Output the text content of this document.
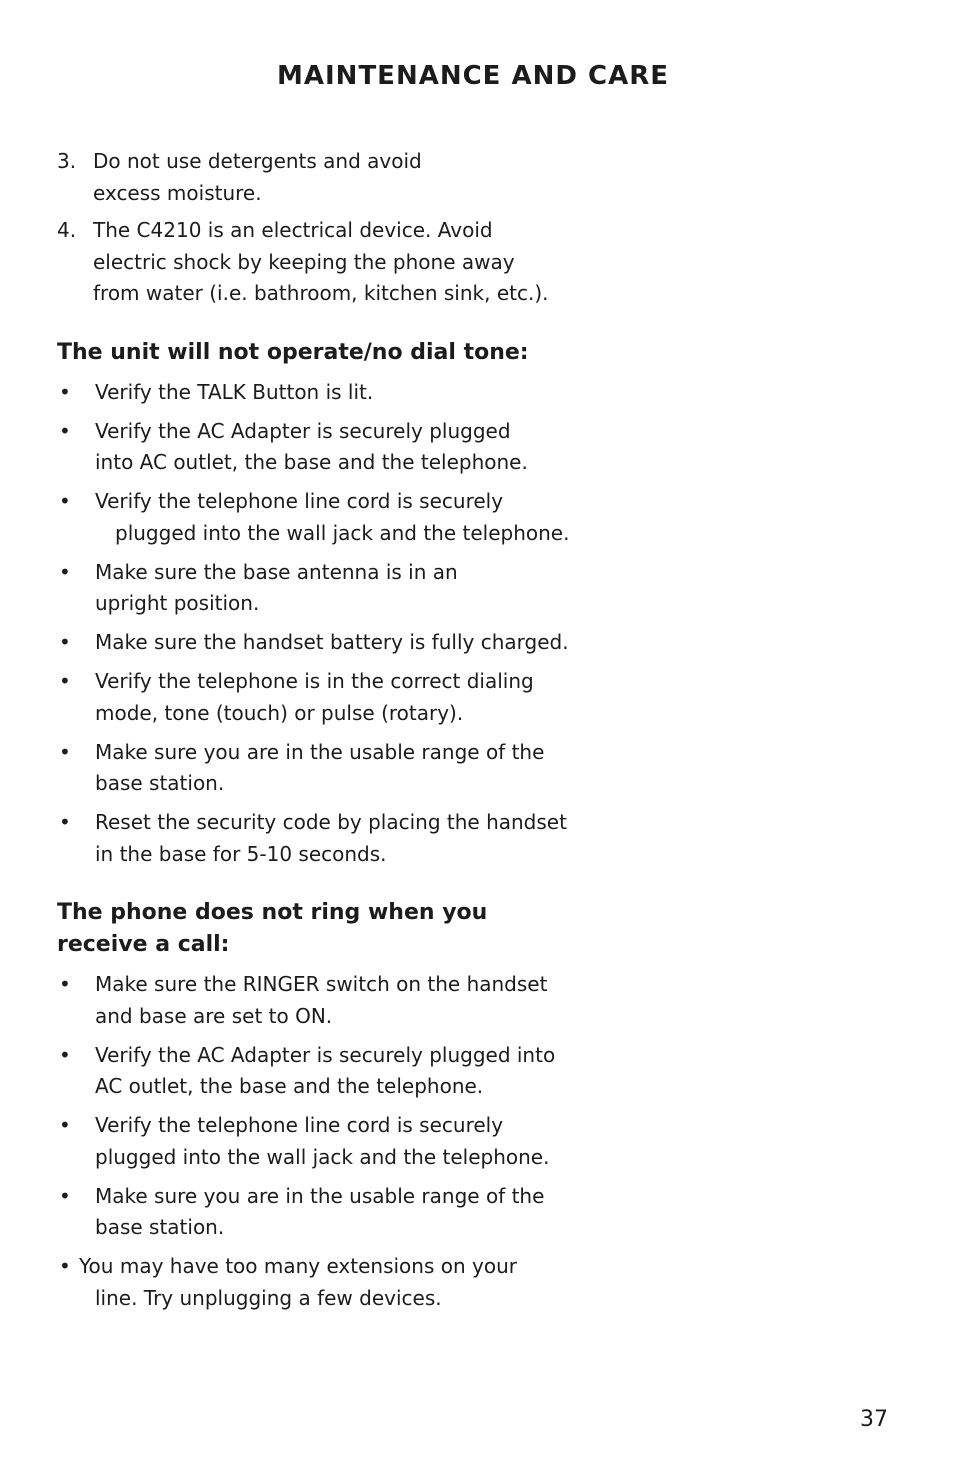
MAINTENANCE AND CARE
3. Do not use detergents and avoid
excess moisture.
4. The C4210 is an electrical device. Avoid
electric shock by keeping the phone away
from water (i.e. bathroom, kitchen sink, etc.).
The unit will not operate/no dial tone:
• Verify the TALK Button is lit.
• Verify the AC Adapter is securely plugged
into AC outlet, the base and the telephone.
• Verify the telephone line cord is securely
plugged into the wall jack and the telephone.
• Make sure the base antenna is in an
upright position.
• Make sure the handset battery is fully charged.
• Verify the telephone is in the correct dialing
mode, tone (touch) or pulse (rotary).
• Make sure you are in the usable range of the
base station.
• Reset the security code by placing the handset
in the base for 5-10 seconds.
The phone does not ring when you
receive a call:
• Make sure the RINGER switch on the handset
and base are set to ON.
• Verify the AC Adapter is securely plugged into
AC outlet, the base and the telephone.
• Verify the telephone line cord is securely
plugged into the wall jack and the telephone.
• Make sure you are in the usable range of the
base station.
• You may have too many extensions on your
line. Try unplugging a few devices.
37
